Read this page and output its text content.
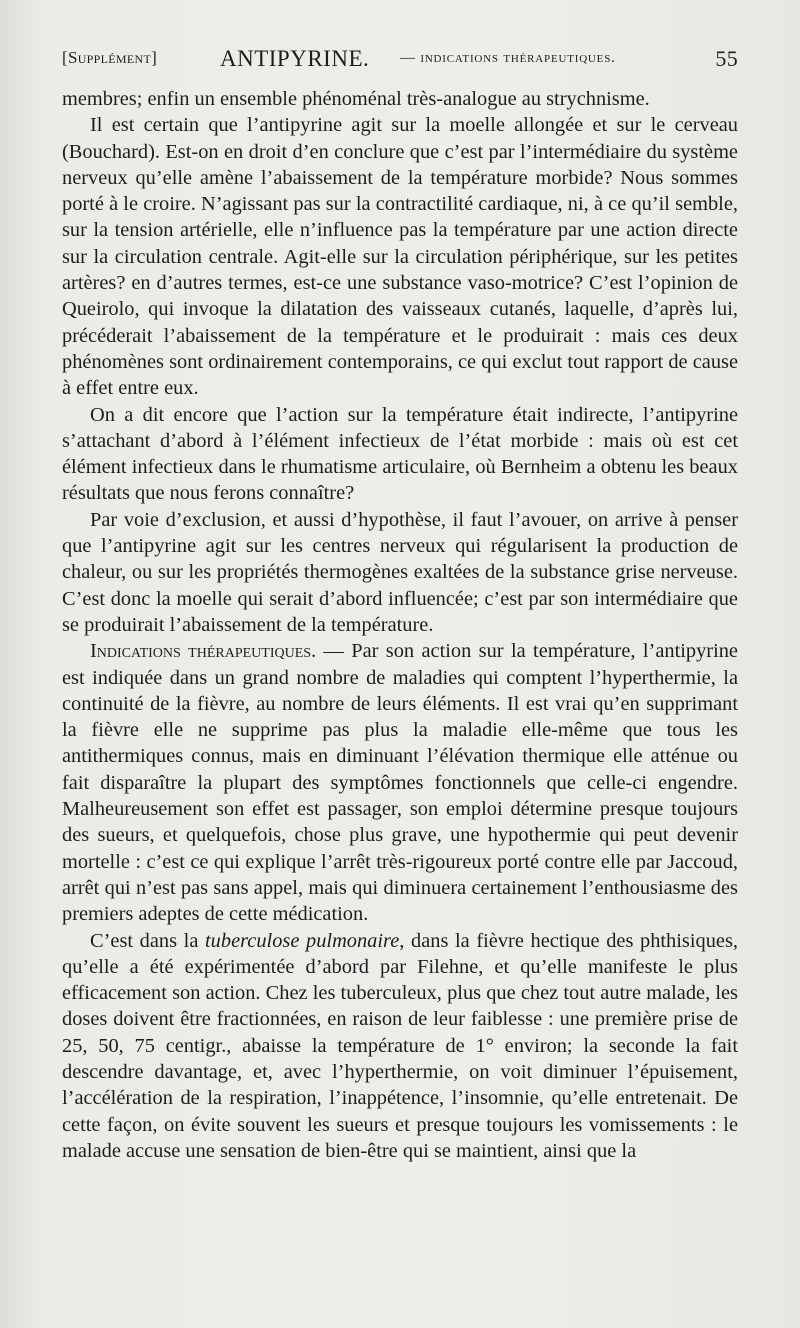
[Supplément]	ANTIPYRINE. — indications thérapeutiques.	55

membres; enfin un ensemble phénoménal très-analogue au strychnisme.

Il est certain que l’antipyrine agit sur la moelle allongée et sur le cerveau (Bouchard). Est-on en droit d’en conclure que c’est par l’intermédiaire du système nerveux qu’elle amène l’abaissement de la température morbide? Nous sommes porté à le croire. N’agissant pas sur la contractilité cardiaque, ni, à ce qu’il semble, sur la tension artérielle, elle n’influence pas la température par une action directe sur la circulation centrale. Agit-elle sur la circulation périphérique, sur les petites artères? en d’autres termes, est-ce une substance vaso-motrice? C’est l’opinion de Queirolo, qui invoque la dilatation des vaisseaux cutanés, laquelle, d’après lui, précéderait l’abaissement de la température et le produirait : mais ces deux phénomènes sont ordinairement contemporains, ce qui exclut tout rapport de cause à effet entre eux.

On a dit encore que l’action sur la température était indirecte, l’antipyrine s’attachant d’abord à l’élément infectieux de l’état morbide : mais où est cet élément infectieux dans le rhumatisme articulaire, où Bernheim a obtenu les beaux résultats que nous ferons connaître?

Par voie d’exclusion, et aussi d’hypothèse, il faut l’avouer, on arrive à penser que l’antipyrine agit sur les centres nerveux qui régularisent la production de chaleur, ou sur les propriétés thermogènes exaltées de la substance grise nerveuse. C’est donc la moelle qui serait d’abord influencée; c’est par son intermédiaire que se produirait l’abaissement de la température.

Indications thérapeutiques. — Par son action sur la température, l’antipyrine est indiquée dans un grand nombre de maladies qui comptent l’hyperthermie, la continuité de la fièvre, au nombre de leurs éléments. Il est vrai qu’en supprimant la fièvre elle ne supprime pas plus la maladie elle-même que tous les antithermiques connus, mais en diminuant l’élévation thermique elle atténue ou fait disparaître la plupart des symptômes fonctionnels que celle-ci engendre. Malheureusement son effet est passager, son emploi détermine presque toujours des sueurs, et quelquefois, chose plus grave, une hypothermie qui peut devenir mortelle : c’est ce qui explique l’arrêt très-rigoureux porté contre elle par Jaccoud, arrêt qui n’est pas sans appel, mais qui diminuera certainement l’enthousiasme des premiers adeptes de cette médication.

C’est dans la tuberculose pulmonaire, dans la fièvre hectique des phthisiques, qu’elle a été expérimentée d’abord par Filehne, et qu’elle manifeste le plus efficacement son action. Chez les tuberculeux, plus que chez tout autre malade, les doses doivent être fractionnées, en raison de leur faiblesse : une première prise de 25, 50, 75 centigr., abaisse la température de 1° environ; la seconde la fait descendre davantage, et, avec l’hyperthermie, on voit diminuer l’épuisement, l’accélération de la respiration, l’inappétence, l’insomnie, qu’elle entretenait. De cette façon, on évite souvent les sueurs et presque toujours les vomissements : le malade accuse une sensation de bien-être qui se maintient, ainsi que la
